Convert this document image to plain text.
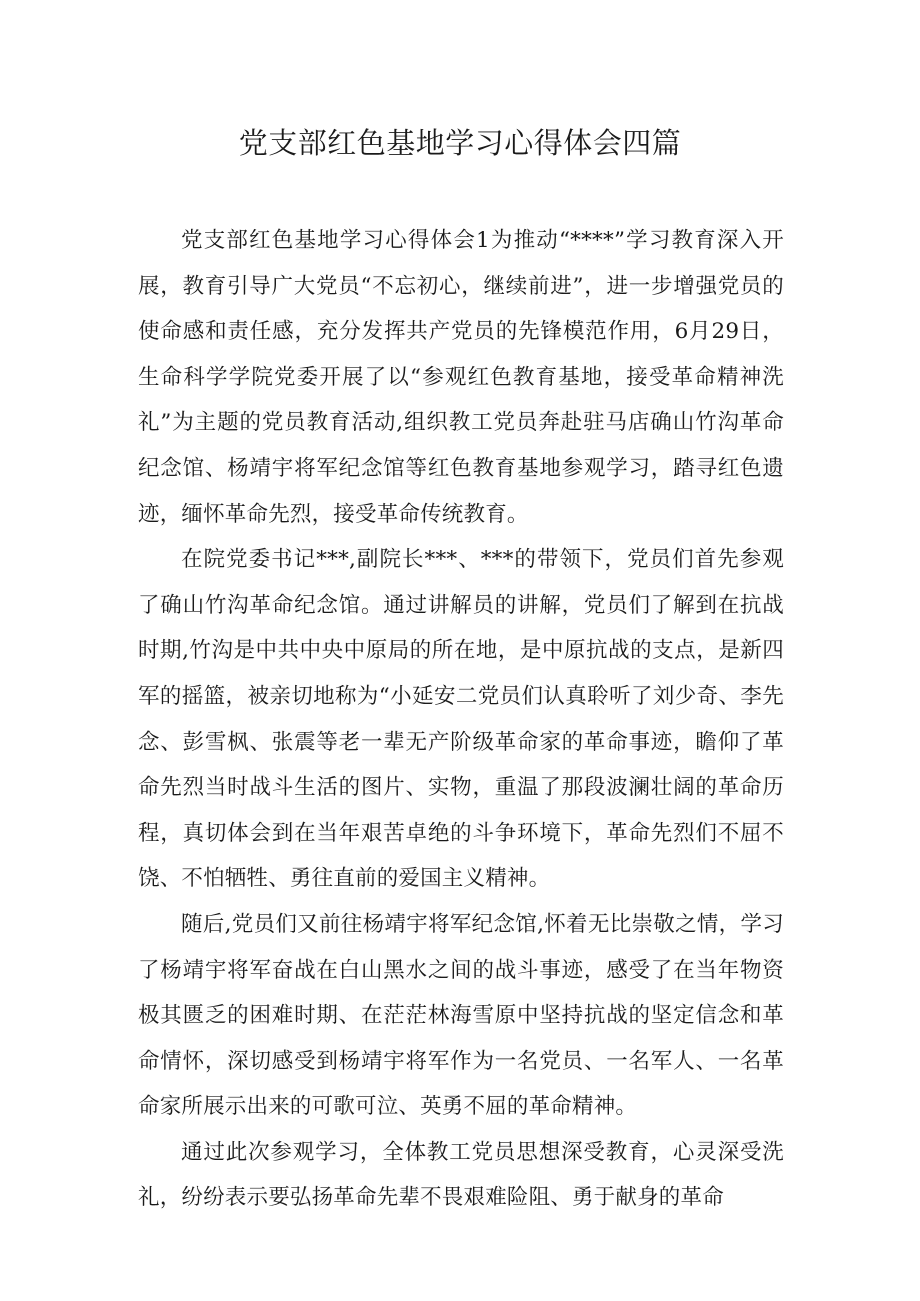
党支部红色基地学习心得体会四篇

党支部红色基地学习心得体会1为推动“****”学习教育深入开展，教育引导广大党员“不忘初心，继续前进”，进一步增强党员的使命感和责任感，充分发挥共产党员的先锋模范作用，6月29日，生命科学学院党委开展了以“参观红色教育基地，接受革命精神洗礼”为主题的党员教育活动,组织教工党员奔赴驻马店确山竹沟革命纪念馆、杨靖宇将军纪念馆等红色教育基地参观学习，踏寻红色遗迹，缅怀革命先烈，接受革命传统教育。

在院党委书记***,副院长***、***的带领下，党员们首先参观了确山竹沟革命纪念馆。通过讲解员的讲解，党员们了解到在抗战时期,竹沟是中共中央中原局的所在地，是中原抗战的支点，是新四军的摇篮，被亲切地称为“小延安二党员们认真聆听了刘少奇、李先念、彭雪枫、张震等老一辈无产阶级革命家的革命事迹，瞻仰了革命先烈当时战斗生活的图片、实物，重温了那段波澜壮阔的革命历程，真切体会到在当年艰苦卓绝的斗争环境下，革命先烈们不屈不饶、不怕牺牲、勇往直前的爱国主义精神。

随后,党员们又前往杨靖宇将军纪念馆,怀着无比崇敬之情，学习了杨靖宇将军奋战在白山黑水之间的战斗事迹，感受了在当年物资极其匮乏的困难时期、在茫茫林海雪原中坚持抗战的坚定信念和革命情怀，深切感受到杨靖宇将军作为一名党员、一名军人、一名革命家所展示出来的可歌可泣、英勇不屈的革命精神。

通过此次参观学习，全体教工党员思想深受教育，心灵深受洗礼，纷纷表示要弘扬革命先辈不畏艰难险阻、勇于献身的革命
